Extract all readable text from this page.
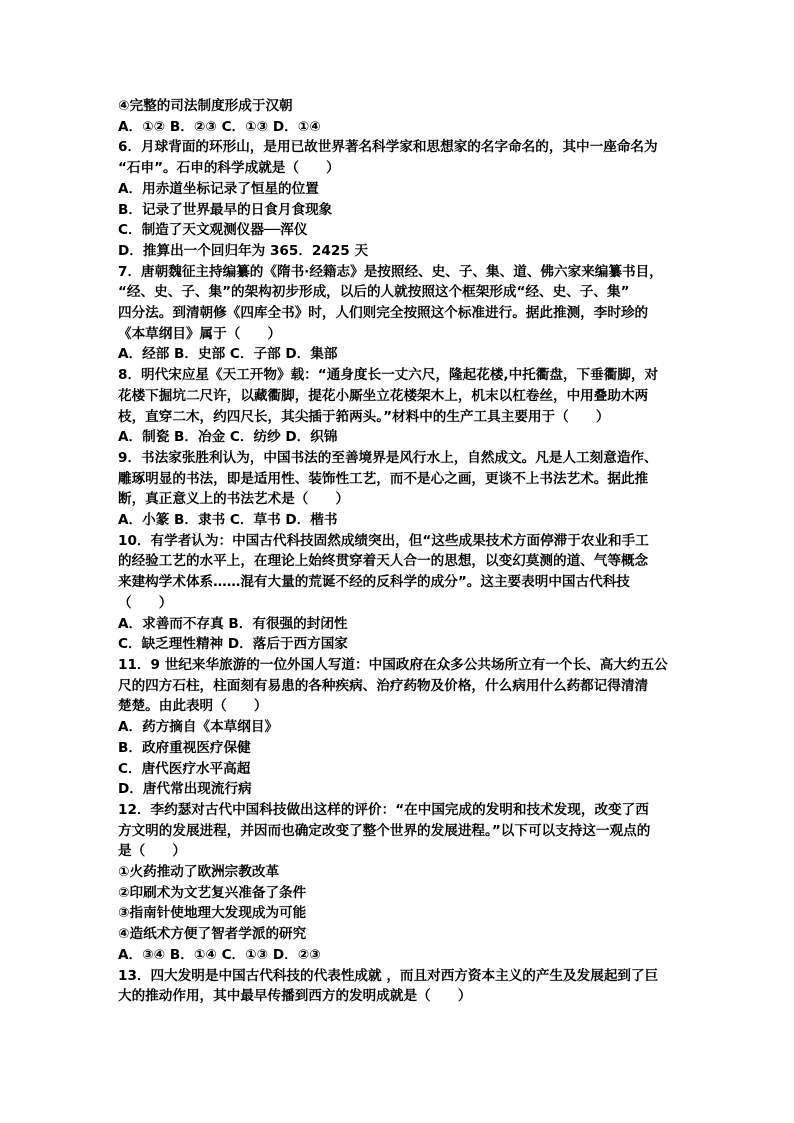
④完整的司法制度形成于汉朝
A．①② B．②③ C．①③ D．①④
6．月球背面的环形山，是用已故世界著名科学家和思想家的名字命名的，其中一座命名为
“石申”。石申的科学成就是（　　）
A．用赤道坐标记录了恒星的位置
B．记录了世界最早的日食月食现象
C．制造了天文观测仪器──浑仪
D．推算出一个回归年为 365．2425 天
7．唐朝魏征主持编纂的《隋书·经籍志》是按照经、史、子、集、道、佛六家来编纂书目，
“经、史、子、集”的架构初步形成，以后的人就按照这个框架形成“经、史、子、集”
四分法。到清朝修《四库全书》时，人们则完全按照这个标准进行。据此推测，李时珍的
《本草纲目》属于（　　）
A．经部 B．史部 C．子部 D．集部
8．明代宋应星《天工开物》载：“通身度长一丈六尺，隆起花楼,中托衢盘，下垂衢脚，对
花楼下掘坑二尺许，以藏衢脚，提花小厮坐立花楼架木上，机末以杠卷丝，中用叠助木两
枝，直穿二木，约四尺长，其尖插于筘两头。”材料中的生产工具主要用于（　　）
A．制瓷 B．冶金 C．纺纱 D．织锦
9．书法家张胜利认为，中国书法的至善境界是风行水上，自然成文。凡是人工刻意造作、
雕琢明显的书法，即是适用性、装饰性工艺，而不是心之画，更谈不上书法艺术。据此推
断，真正意义上的书法艺术是（　　）
A．小篆 B．隶书 C．草书 D．楷书
10．有学者认为：中国古代科技固然成绩突出，但“这些成果技术方面停滞于农业和手工
的经验工艺的水平上，在理论上始终贯穿着天人合一的思想，以变幻莫测的道、气等概念
来建构学术体系……混有大量的荒诞不经的反科学的成分”。这主要表明中国古代科技
（　　）
A．求善而不存真 B．有很强的封闭性
C．缺乏理性精神 D．落后于西方国家
11．9 世纪来华旅游的一位外国人写道：中国政府在众多公共场所立有一个长、高大约五公
尺的四方石柱，柱面刻有易患的各种疾病、治疗药物及价格，什么病用什么药都记得清清
楚楚。由此表明（　　）
A．药方摘自《本草纲目》
B．政府重视医疗保健
C．唐代医疗水平高超
D．唐代常出现流行病
12．李约瑟对古代中国科技做出这样的评价：“在中国完成的发明和技术发现，改变了西
方文明的发展进程，并因而也确定改变了整个世界的发展进程。”以下可以支持这一观点的
是（　　）
①火药推动了欧洲宗教改革
②印刷术为文艺复兴准备了条件
③指南针使地理大发现成为可能
④造纸术方便了智者学派的研究
A．③④ B．①④ C．①③ D．②③
13．四大发明是中国古代科技的代表性成就 ，而且对西方资本主义的产生及发展起到了巨
大的推动作用，其中最早传播到西方的发明成就是（　　）
